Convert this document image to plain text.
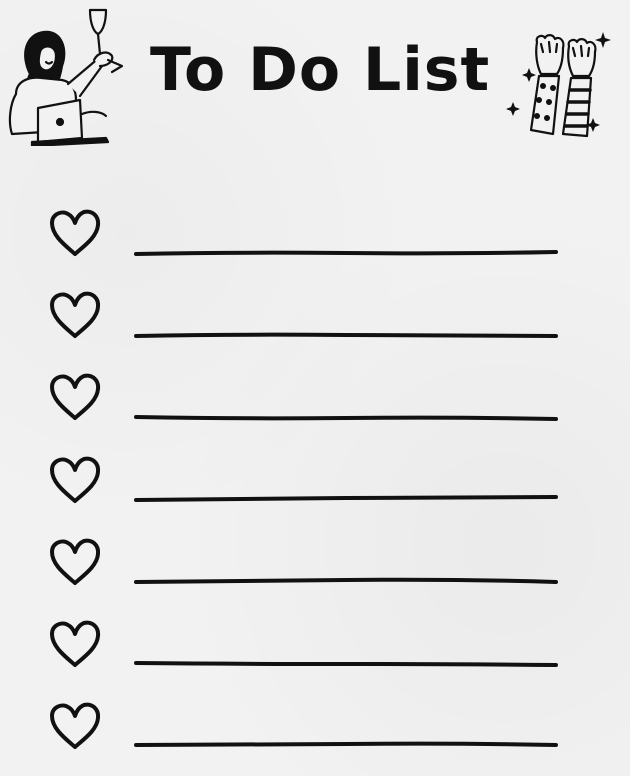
To Do List
